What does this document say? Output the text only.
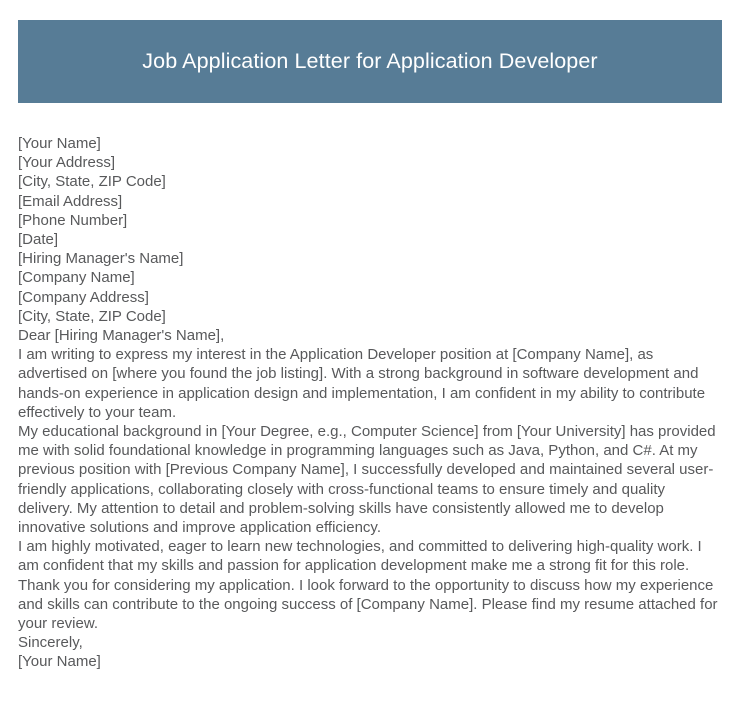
Job Application Letter for Application Developer
[Your Name]
[Your Address]
[City, State, ZIP Code]
[Email Address]
[Phone Number]
[Date]
[Hiring Manager's Name]
[Company Name]
[Company Address]
[City, State, ZIP Code]
Dear [Hiring Manager's Name],

I am writing to express my interest in the Application Developer position at [Company Name], as advertised on [where you found the job listing]. With a strong background in software development and hands-on experience in application design and implementation, I am confident in my ability to contribute effectively to your team.

My educational background in [Your Degree, e.g., Computer Science] from [Your University] has provided me with solid foundational knowledge in programming languages such as Java, Python, and C#. At my previous position with [Previous Company Name], I successfully developed and maintained several user-friendly applications, collaborating closely with cross-functional teams to ensure timely and quality delivery. My attention to detail and problem-solving skills have consistently allowed me to develop innovative solutions and improve application efficiency.

I am highly motivated, eager to learn new technologies, and committed to delivering high-quality work. I am confident that my skills and passion for application development make me a strong fit for this role.

Thank you for considering my application. I look forward to the opportunity to discuss how my experience and skills can contribute to the ongoing success of [Company Name]. Please find my resume attached for your review.

Sincerely,
[Your Name]
